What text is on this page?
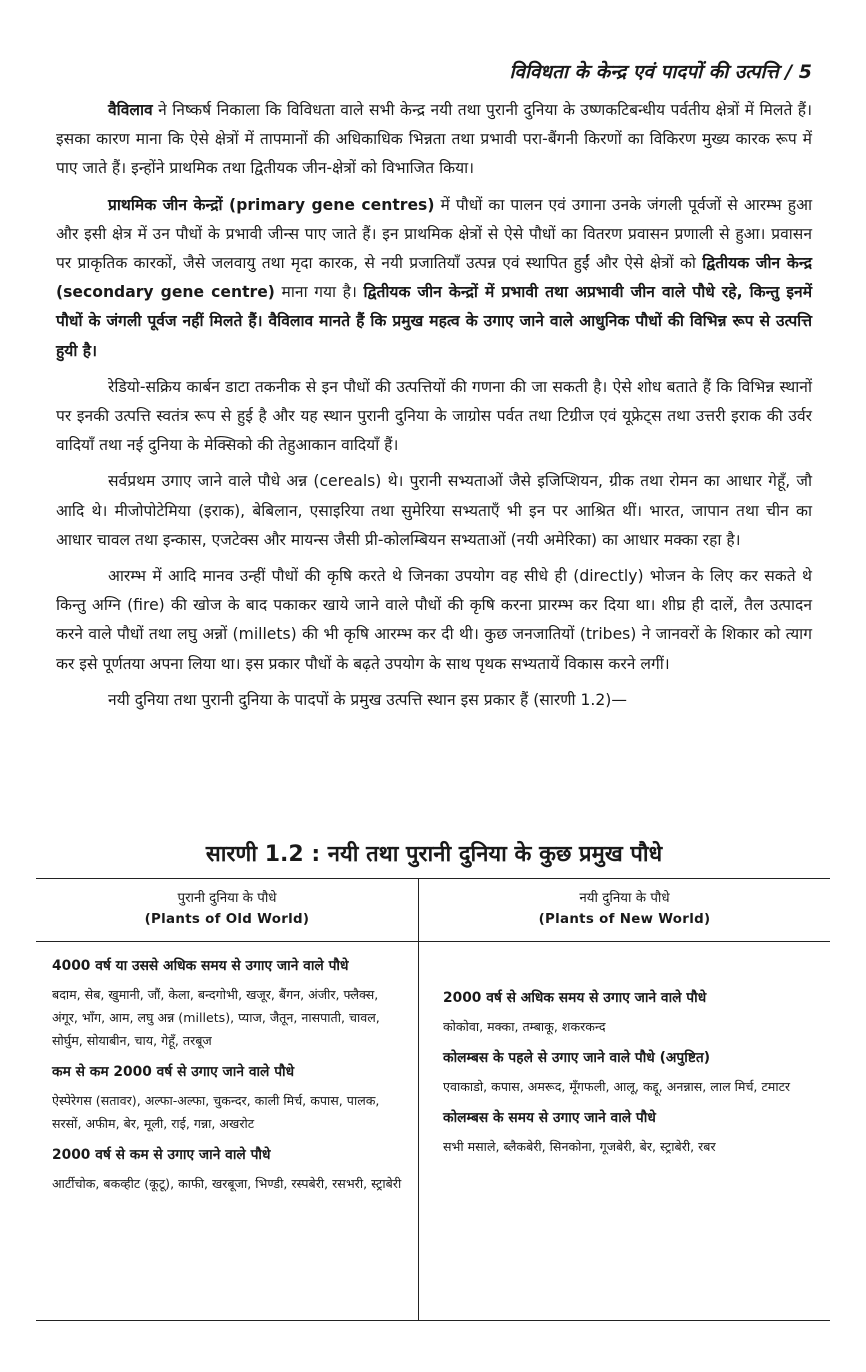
विविधता के केन्द्र एवं पादपों की उत्पत्ति / 5

वैविलाव ने निष्कर्ष निकाला कि विविधता वाले सभी केन्द्र नयी तथा पुरानी दुनिया के उष्णकटिबन्धीय पर्वतीय क्षेत्रों में मिलते हैं। इसका कारण माना कि ऐसे क्षेत्रों में तापमानों की अधिकाधिक भिन्नता तथा प्रभावी परा-बैंगनी किरणों का विकिरण मुख्य कारक रूप में पाए जाते हैं। इन्होंने प्राथमिक तथा द्वितीयक जीन-क्षेत्रों को विभाजित किया।

प्राथमिक जीन केन्द्रों (primary gene centres) में पौधों का पालन एवं उगाना उनके जंगली पूर्वजों से आरम्भ हुआ और इसी क्षेत्र में उन पौधों के प्रभावी जीन्स पाए जाते हैं। इन प्राथमिक क्षेत्रों से ऐसे पौधों का वितरण प्रवासन प्रणाली से हुआ। प्रवासन पर प्राकृतिक कारकों, जैसे जलवायु तथा मृदा कारक, से नयी प्रजातियाँ उत्पन्न एवं स्थापित हुईं और ऐसे क्षेत्रों को द्वितीयक जीन केन्द्र (secondary gene centre) माना गया है। द्वितीयक जीन केन्द्रों में प्रभावी तथा अप्रभावी जीन वाले पौधे रहे, किन्तु इनमें पौधों के जंगली पूर्वज नहीं मिलते हैं। वैविलाव मानते हैं कि प्रमुख महत्व के उगाए जाने वाले आधुनिक पौधों की विभिन्न रूप से उत्पत्ति हुयी है।

रेडियो-सक्रिय कार्बन डाटा तकनीक से इन पौधों की उत्पत्तियों की गणना की जा सकती है। ऐसे शोध बताते हैं कि विभिन्न स्थानों पर इनकी उत्पत्ति स्वतंत्र रूप से हुई है और यह स्थान पुरानी दुनिया के जाग्रोस पर्वत तथा टिग्रीज एवं यूफ्रेट्स तथा उत्तरी इराक की उर्वर वादियाँ तथा नई दुनिया के मेक्सिको की तेहुआकान वादियाँ हैं।

सर्वप्रथम उगाए जाने वाले पौधे अन्न (cereals) थे। पुरानी सभ्यताओं जैसे इजिप्शियन, ग्रीक तथा रोमन का आधार गेहूँ, जौ आदि थे। मीजोपोटेमिया (इराक), बेबिलान, एसाइरिया तथा सुमेरिया सभ्यताएँ भी इन पर आश्रित थीं। भारत, जापान तथा चीन का आधार चावल तथा इन्कास, एजटेक्स और मायन्स जैसी प्री-कोलम्बियन सभ्यताओं (नयी अमेरिका) का आधार मक्का रहा है।

आरम्भ में आदि मानव उन्हीं पौधों की कृषि करते थे जिनका उपयोग वह सीधे ही (directly) भोजन के लिए कर सकते थे किन्तु अग्नि (fire) की खोज के बाद पकाकर खाये जाने वाले पौधों की कृषि करना प्रारम्भ कर दिया था। शीघ्र ही दालें, तैल उत्पादन करने वाले पौधों तथा लघु अन्नों (millets) की भी कृषि आरम्भ कर दी थी। कुछ जनजातियों (tribes) ने जानवरों के शिकार को त्याग कर इसे पूर्णतया अपना लिया था। इस प्रकार पौधों के बढ़ते उपयोग के साथ पृथक सभ्यतायें विकास करने लगीं।

नयी दुनिया तथा पुरानी दुनिया के पादपों के प्रमुख उत्पत्ति स्थान इस प्रकार हैं (सारणी 1.2)—

सारणी 1.2 : नयी तथा पुरानी दुनिया के कुछ प्रमुख पौधे
पुरानी दुनिया के पौधे
(Plants of Old World)
नयी दुनिया के पौधे
(Plants of New World)
4000 वर्ष या उससे अधिक समय से उगाए जाने वाले पौधे
बदाम, सेब, खुमानी, जौं, केला, बन्दगोभी, खजूर, बैंगन, अंजीर, फ्लैक्स, अंगूर, भाँग, आम, लघु अन्न (millets), प्याज, जैतून, नासपाती, चावल, सोर्घुम, सोयाबीन, चाय, गेहूँ, तरबूज
कम से कम 2000 वर्ष से उगाए जाने वाले पौधे
ऐस्पेरेगस (सतावर), अल्फा-अल्फा, चुकन्दर, काली मिर्च, कपास, पालक, सरसों, अफीम, बेर, मूली, राई, गन्ना, अखरोट
2000 वर्ष से कम से उगाए जाने वाले पौधे
आर्टीचोक, बकव्हीट (कूटू), काफी, खरबूजा, भिण्डी, रस्पबेरी, रसभरी, स्ट्राबेरी
2000 वर्ष से अधिक समय से उगाए जाने वाले पौधे
कोकोवा, मक्का, तम्बाकू, शकरकन्द
कोलम्बस के पहले से उगाए जाने वाले पौधे (अपुष्टित)
एवाकाडो, कपास, अमरूद, मूँगफली, आलू, कद्दू, अनन्नास, लाल मिर्च, टमाटर
कोलम्बस के समय से उगाए जाने वाले पौधे
सभी मसाले, ब्लैकबेरी, सिनकोना, गूजबेरी, बेर, स्ट्राबेरी, रबर
